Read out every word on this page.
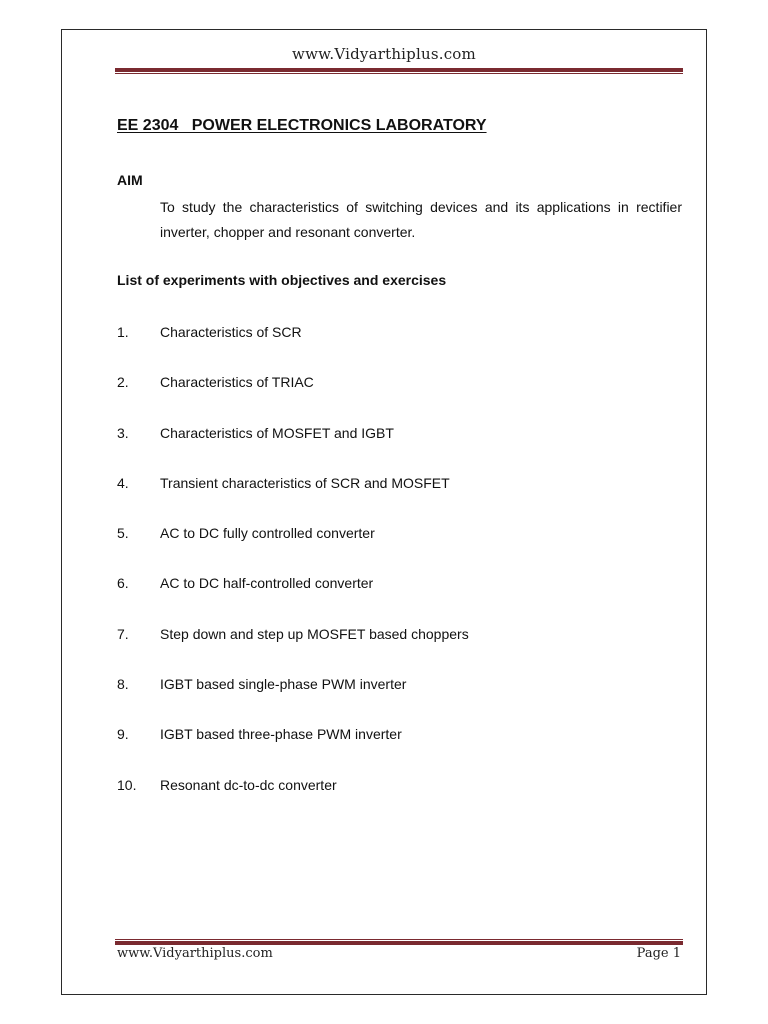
www.Vidyarthiplus.com
EE 2304   POWER ELECTRONICS LABORATORY
AIM
To study the characteristics of switching devices and its applications in rectifier inverter, chopper and resonant converter.
List of experiments with objectives and exercises
1.	Characteristics of SCR
2.	Characteristics of TRIAC
3.	Characteristics of MOSFET and IGBT
4.	Transient characteristics of SCR and MOSFET
5.	AC to DC fully controlled converter
6.	AC to DC half-controlled converter
7.	Step down and step up MOSFET based choppers
8.	IGBT based single-phase PWM inverter
9.	IGBT based three-phase PWM inverter
10.	Resonant dc-to-dc converter
www.Vidyarthiplus.com	Page 1
